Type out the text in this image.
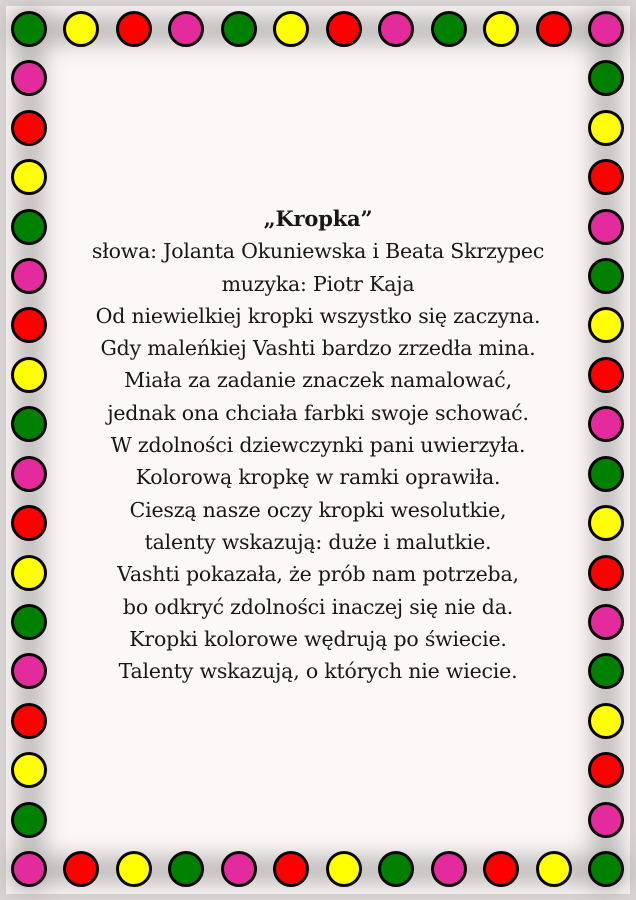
„Kropka”
słowa: Jolanta Okuniewska i Beata Skrzypec
muzyka: Piotr Kaja
Od niewielkiej kropki wszystko się zaczyna.
Gdy maleńkiej Vashti bardzo zrzedła mina.
Miała za zadanie znaczek namalować,
jednak ona chciała farbki swoje schować.
W zdolności dziewczynki pani uwierzyła.
Kolorową kropkę w ramki oprawiła.
Cieszą nasze oczy kropki wesolutkie,
talenty wskazują: duże i malutkie.
Vashti pokazała, że prób nam potrzeba,
bo odkryć zdolności inaczej się nie da.
Kropki kolorowe wędrują po świecie.
Talenty wskazują, o których nie wiecie.
